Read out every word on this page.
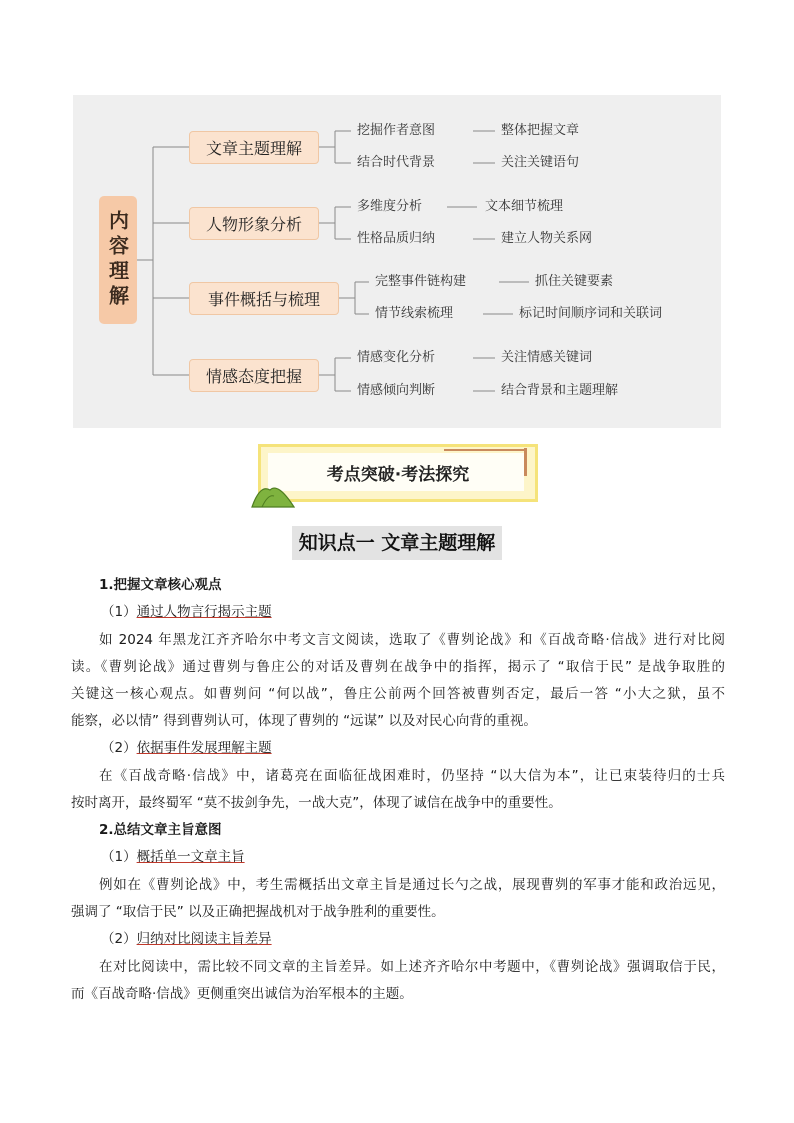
内容理解
文章主题理解
人物形象分析
事件概括与梳理
情感态度把握
挖掘作者意图	整体把握文章
结合时代背景	关注关键语句
多维度分析	文本细节梳理
性格品质归纳	建立人物关系网
完整事件链构建	抓住关键要素
情节线索梳理	标记时间顺序词和关联词
情感变化分析	关注情感关键词
情感倾向判断	结合背景和主题理解
考点突破·考法探究
知识点一 文章主题理解
1.把握文章核心观点
（1）通过人物言行揭示主题
如 2024 年黑龙江齐齐哈尔中考文言文阅读，选取了《曹刿论战》和《百战奇略·信战》进行对比阅
读。《曹刿论战》通过曹刿与鲁庄公的对话及曹刿在战争中的指挥，揭示了 “取信于民” 是战争取胜的
关键这一核心观点。如曹刿问 “何以战”，鲁庄公前两个回答被曹刿否定，最后一答 “小大之狱，虽不
能察，必以情” 得到曹刿认可，体现了曹刿的 “远谋” 以及对民心向背的重视。
（2）依据事件发展理解主题
在《百战奇略·信战》中，诸葛亮在面临征战困难时，仍坚持 “以大信为本”，让已束装待归的士兵
按时离开，最终蜀军 “莫不拔剑争先，一战大克”，体现了诚信在战争中的重要性。
2.总结文章主旨意图
（1）概括单一文章主旨
例如在《曹刿论战》中，考生需概括出文章主旨是通过长勺之战，展现曹刿的军事才能和政治远见，
强调了 “取信于民” 以及正确把握战机对于战争胜利的重要性。
（2）归纳对比阅读主旨差异
在对比阅读中，需比较不同文章的主旨差异。如上述齐齐哈尔中考题中，《曹刿论战》强调取信于民，
而《百战奇略·信战》更侧重突出诚信为治军根本的主题。
